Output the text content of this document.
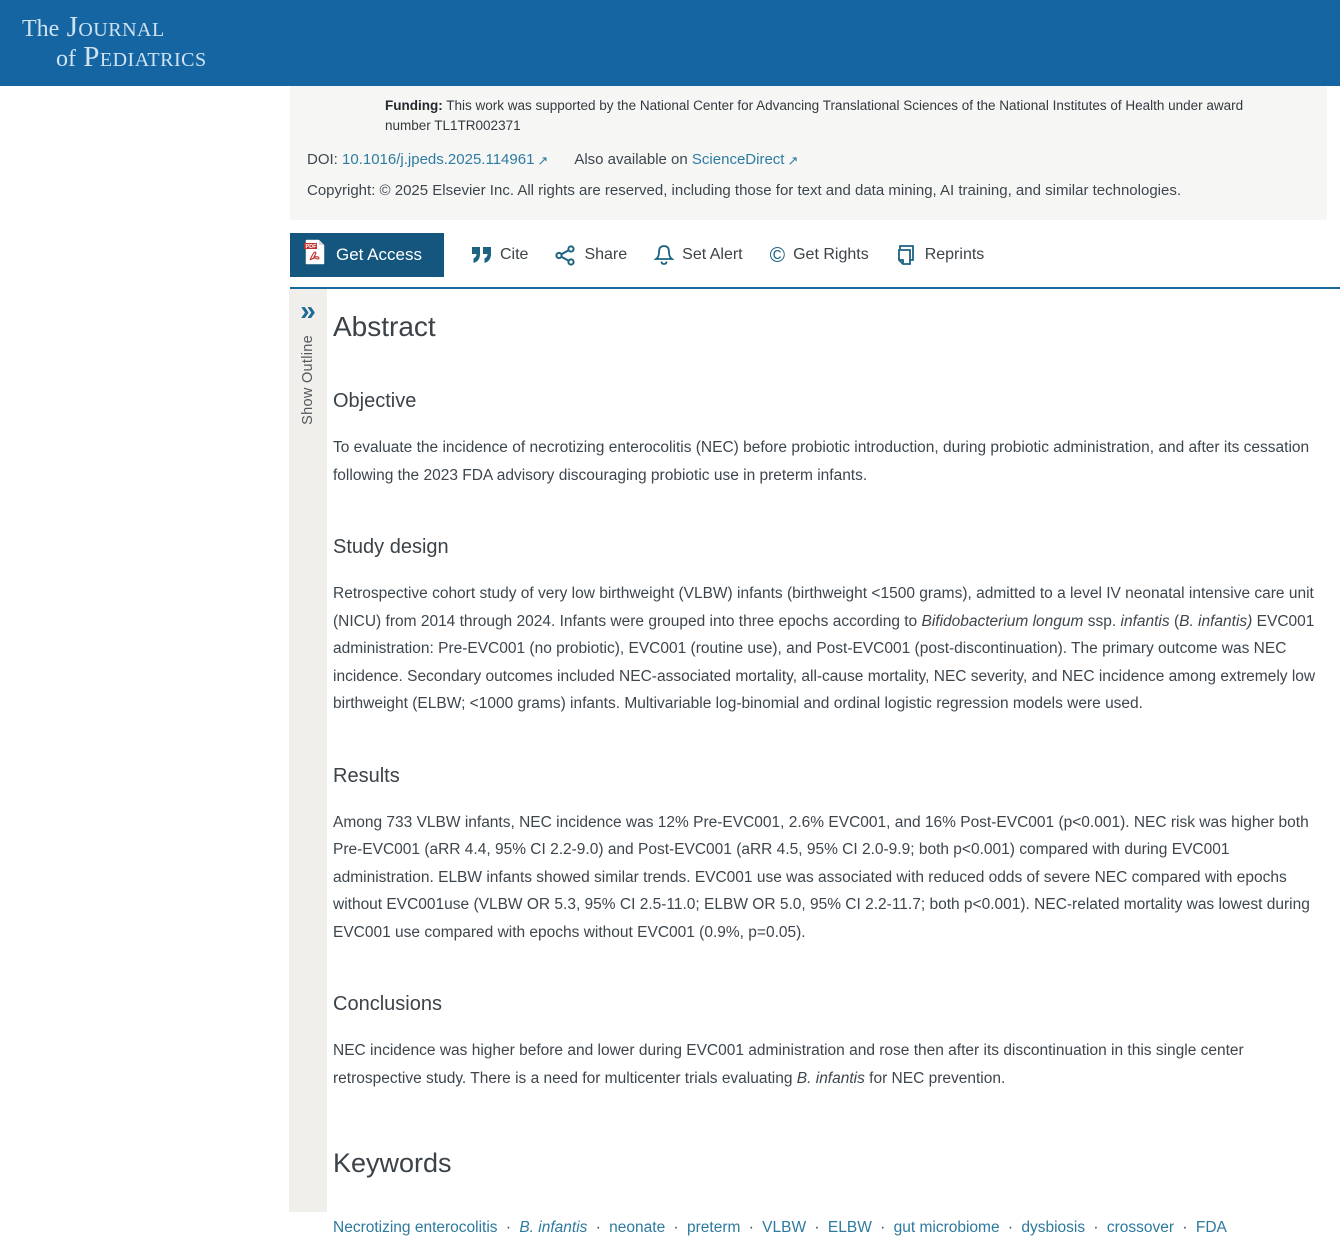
The Journal
of Pediatrics

Funding: This work was supported by the National Center for Advancing Translational Sciences of the National Institutes of Health under award number TL1TR002371

DOI: 10.1016/j.jpeds.2025.114961 ↗ Also available on ScienceDirect ↗

Copyright: © 2025 Elsevier Inc. All rights are reserved, including those for text and data mining, AI training, and similar technologies.

PDF Get Access	Cite	Share	Set Alert © Get Rights	Reprints
»
Show Outline
Abstract
Objective

To evaluate the incidence of necrotizing enterocolitis (NEC) before probiotic introduction, during probiotic administration, and after its cessation following the 2023 FDA advisory discouraging probiotic use in preterm infants.

Study design

Retrospective cohort study of very low birthweight (VLBW) infants (birthweight <1500 grams), admitted to a level IV neonatal intensive care unit (NICU) from 2014 through 2024. Infants were grouped into three epochs according to Bifidobacterium longum ssp. infantis (B. infantis) EVC001 administration: Pre-EVC001 (no probiotic), EVC001 (routine use), and Post-EVC001 (post-discontinuation). The primary outcome was NEC incidence. Secondary outcomes included NEC-associated mortality, all-cause mortality, NEC severity, and NEC incidence among extremely low birthweight (ELBW; <1000 grams) infants. Multivariable log-binomial and ordinal logistic regression models were used.

Results

Among 733 VLBW infants, NEC incidence was 12% Pre-EVC001, 2.6% EVC001, and 16% Post-EVC001 (p<0.001). NEC risk was higher both Pre-EVC001 (aRR 4.4, 95% CI 2.2-9.0) and Post-EVC001 (aRR 4.5, 95% CI 2.0-9.9; both p<0.001) compared with during EVC001 administration. ELBW infants showed similar trends. EVC001 use was associated with reduced odds of severe NEC compared with epochs without EVC001use (VLBW OR 5.3, 95% CI 2.5-11.0; ELBW OR 5.0, 95% CI 2.2-11.7; both p<0.001). NEC-related mortality was lowest during EVC001 use compared with epochs without EVC001 (0.9%, p=0.05).

Conclusions

NEC incidence was higher before and lower during EVC001 administration and rose then after its discontinuation in this single center retrospective study. There is a need for multicenter trials evaluating B. infantis for NEC prevention.

Keywords

Necrotizing enterocolitis · B. infantis · neonate · preterm · VLBW · ELBW · gut microbiome · dysbiosis · crossover · FDA
